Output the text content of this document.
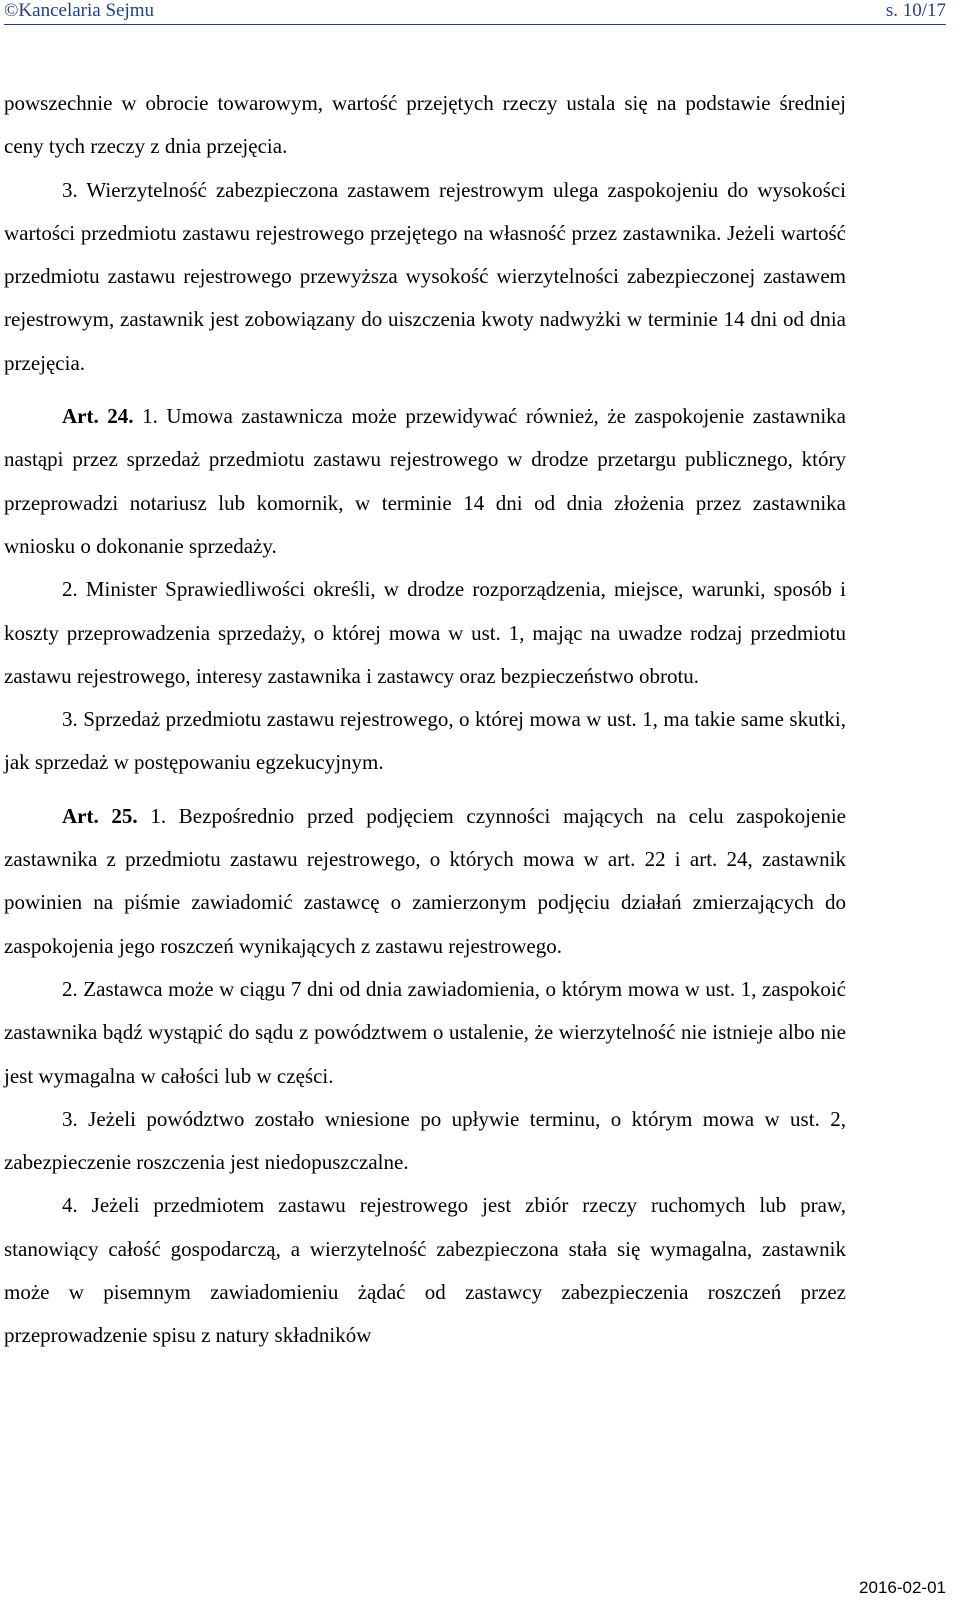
©Kancelaria Sejmu	s. 10/17

powszechnie w obrocie towarowym, wartość przejętych rzeczy ustala się na podstawie średniej ceny tych rzeczy z dnia przejęcia.

3. Wierzytelność zabezpieczona zastawem rejestrowym ulega zaspokojeniu do wysokości wartości przedmiotu zastawu rejestrowego przejętego na własność przez zastawnika. Jeżeli wartość przedmiotu zastawu rejestrowego przewyższa wysokość wierzytelności zabezpieczonej zastawem rejestrowym, zastawnik jest zobowiązany do uiszczenia kwoty nadwyżki w terminie 14 dni od dnia przejęcia.

Art. 24. 1. Umowa zastawnicza może przewidywać również, że zaspokojenie zastawnika nastąpi przez sprzedaż przedmiotu zastawu rejestrowego w drodze przetargu publicznego, który przeprowadzi notariusz lub komornik, w terminie 14 dni od dnia złożenia przez zastawnika wniosku o dokonanie sprzedaży.

2. Minister Sprawiedliwości określi, w drodze rozporządzenia, miejsce, warunki, sposób i koszty przeprowadzenia sprzedaży, o której mowa w ust. 1, mając na uwadze rodzaj przedmiotu zastawu rejestrowego, interesy zastawnika i zastawcy oraz bezpieczeństwo obrotu.

3. Sprzedaż przedmiotu zastawu rejestrowego, o której mowa w ust. 1, ma takie same skutki, jak sprzedaż w postępowaniu egzekucyjnym.

Art. 25. 1. Bezpośrednio przed podjęciem czynności mających na celu zaspokojenie zastawnika z przedmiotu zastawu rejestrowego, o których mowa w art. 22 i art. 24, zastawnik powinien na piśmie zawiadomić zastawcę o zamierzonym podjęciu działań zmierzających do zaspokojenia jego roszczeń wynikających z zastawu rejestrowego.

2. Zastawca może w ciągu 7 dni od dnia zawiadomienia, o którym mowa w ust. 1, zaspokoić zastawnika bądź wystąpić do sądu z powództwem o ustalenie, że wierzytelność nie istnieje albo nie jest wymagalna w całości lub w części.

3. Jeżeli powództwo zostało wniesione po upływie terminu, o którym mowa w ust. 2, zabezpieczenie roszczenia jest niedopuszczalne.

4. Jeżeli przedmiotem zastawu rejestrowego jest zbiór rzeczy ruchomych lub praw, stanowiący całość gospodarczą, a wierzytelność zabezpieczona stała się wymagalna, zastawnik może w pisemnym zawiadomieniu żądać od zastawcy zabezpieczenia roszczeń przez przeprowadzenie spisu z natury składników

2016-02-01
